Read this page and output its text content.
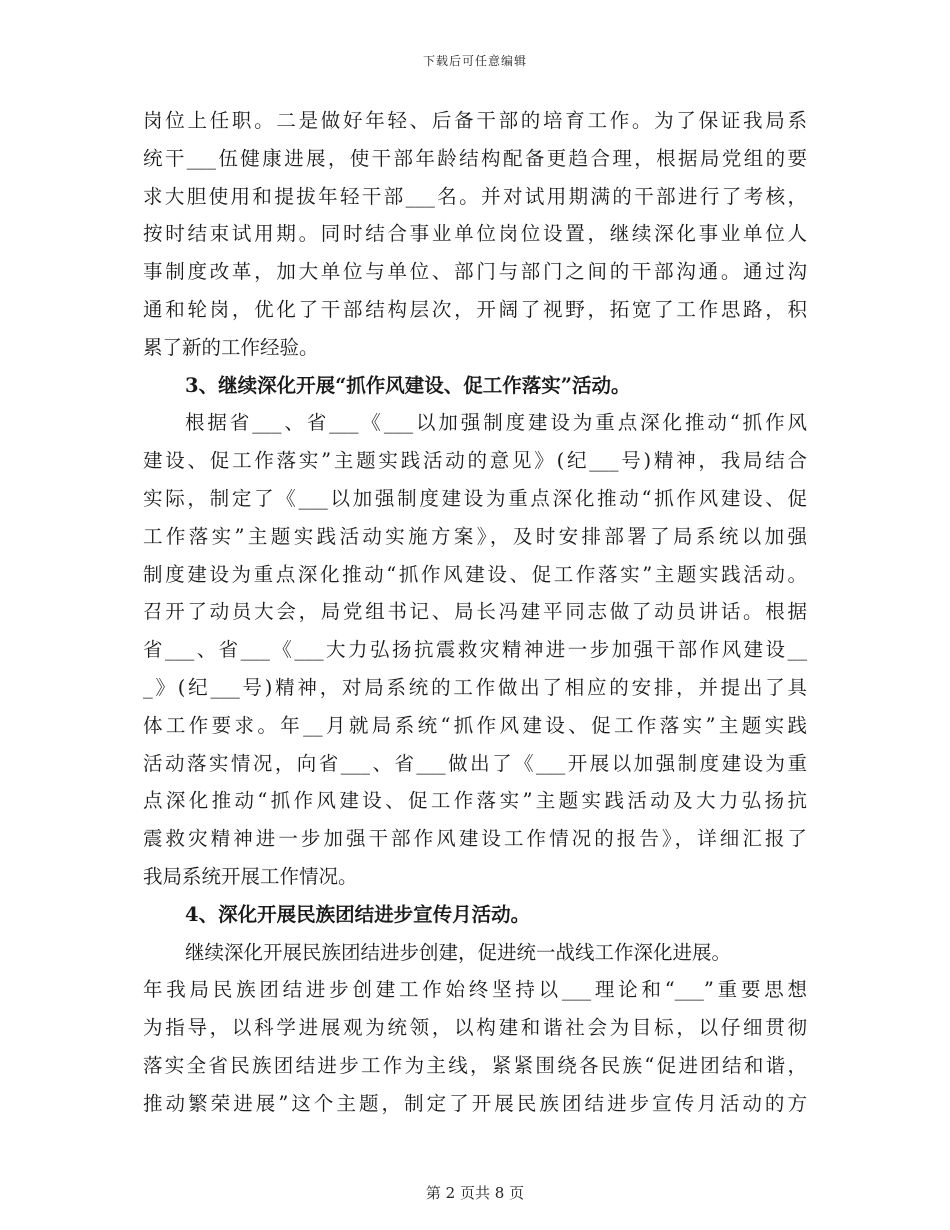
下载后可任意编辑
岗位上任职。二是做好年轻、后备干部的培育工作。为了保证我局系
统干___伍健康进展，使干部年龄结构配备更趋合理，根据局党组的要
求大胆使用和提拔年轻干部___名。并对试用期满的干部进行了考核，
按时结束试用期。同时结合事业单位岗位设置，继续深化事业单位人
事制度改革，加大单位与单位、部门与部门之间的干部沟通。通过沟
通和轮岗，优化了干部结构层次，开阔了视野，拓宽了工作思路，积
累了新的工作经验。
3、继续深化开展“抓作风建设、促工作落实”活动。
根据省___、省___《___以加强制度建设为重点深化推动“抓作风
建设、促工作落实”主题实践活动的意见》(纪___号)精神，我局结合
实际，制定了《___以加强制度建设为重点深化推动“抓作风建设、促
工作落实”主题实践活动实施方案》，及时安排部署了局系统以加强
制度建设为重点深化推动“抓作风建设、促工作落实”主题实践活动。
召开了动员大会，局党组书记、局长冯建平同志做了动员讲话。根据
省___、省___《___大力弘扬抗震救灾精神进一步加强干部作风建设__
_》(纪___号)精神，对局系统的工作做出了相应的安排，并提出了具
体工作要求。年__月就局系统“抓作风建设、促工作落实”主题实践
活动落实情况，向省___、省___做出了《___开展以加强制度建设为重
点深化推动“抓作风建设、促工作落实”主题实践活动及大力弘扬抗
震救灾精神进一步加强干部作风建设工作情况的报告》，详细汇报了
我局系统开展工作情况。
4、深化开展民族团结进步宣传月活动。
继续深化开展民族团结进步创建，促进统一战线工作深化进展。
年我局民族团结进步创建工作始终坚持以___理论和“___”重要思想
为指导，以科学进展观为统领，以构建和谐社会为目标，以仔细贯彻
落实全省民族团结进步工作为主线，紧紧围绕各民族“促进团结和谐，
推动繁荣进展”这个主题，制定了开展民族团结进步宣传月活动的方
第 2 页共 8 页
